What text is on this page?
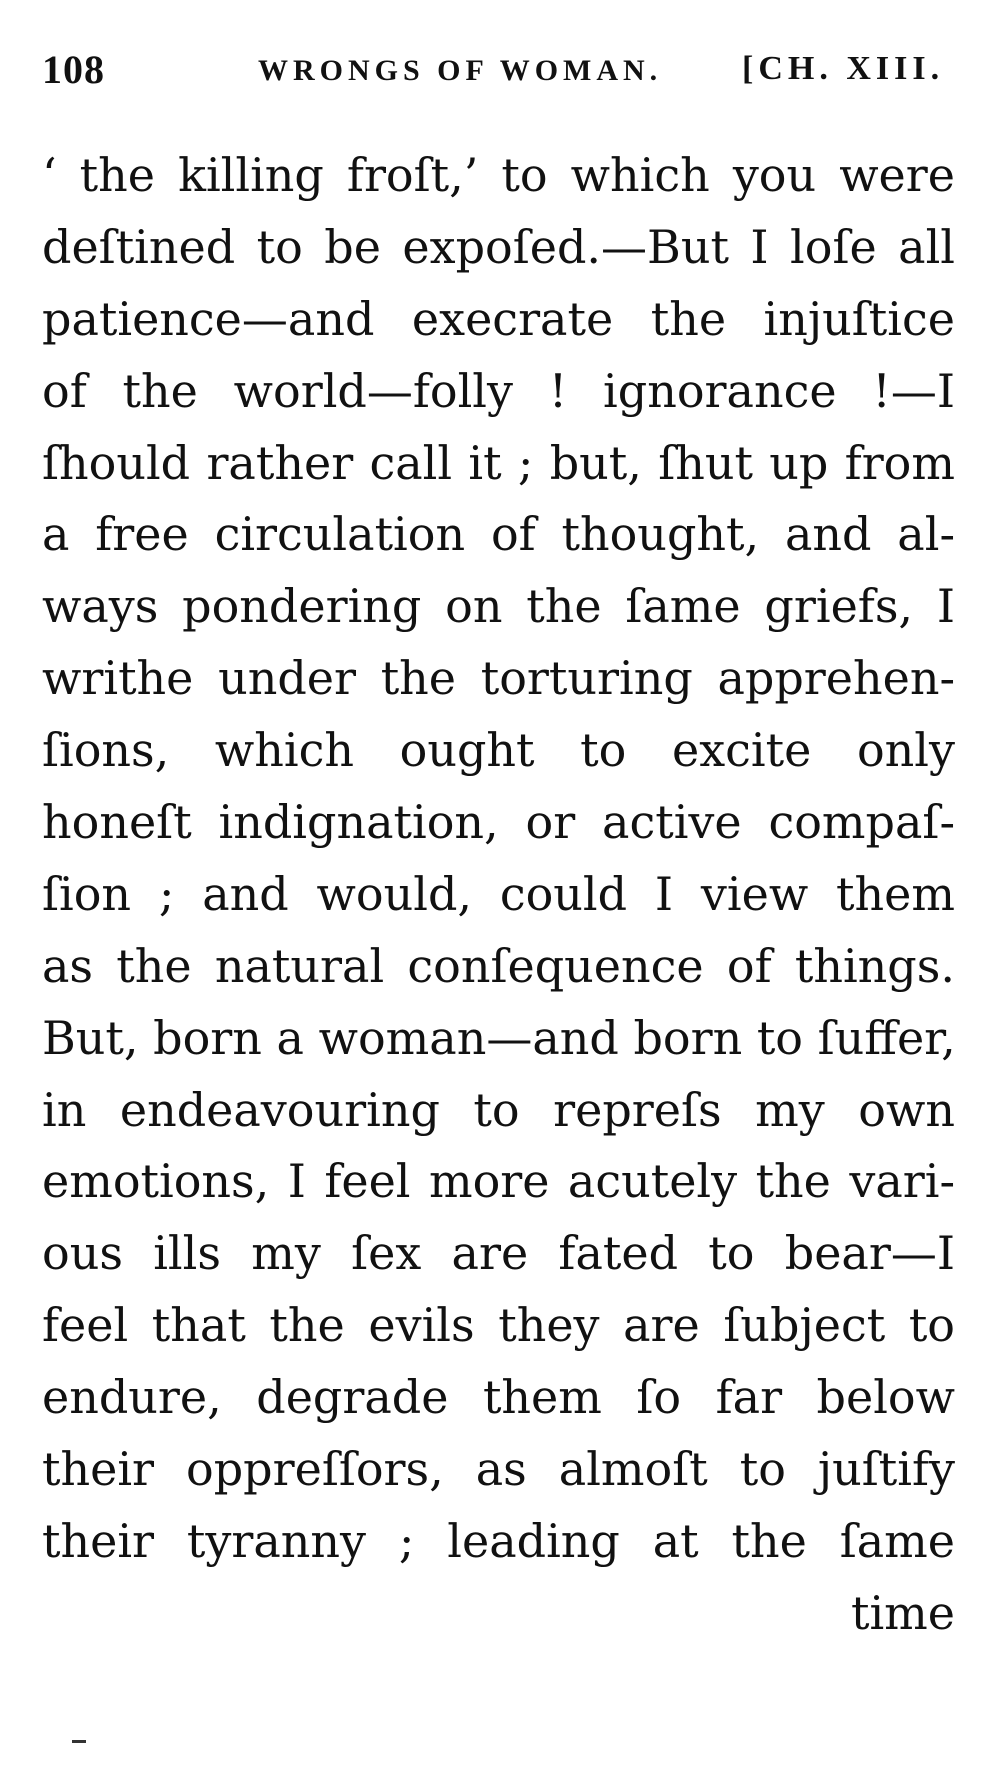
108	WRONGS OF WOMAN. [CH. XIII.
‘ the killing froſt,’ to which you were
deſtined to be expoſed.—But I loſe all
patience—and execrate the injuſtice
of the world—folly ! ignorance !—I
ſhould rather call it ; but, ſhut up from
a free circulation of thought, and al-
ways pondering on the ſame griefs, I
writhe under the torturing apprehen-
ſions, which ought to excite only
honeſt indignation, or active compaſ-
ſion ; and would, could I view them
as the natural conſequence of things.
But, born a woman—and born to ſuffer,
in endeavouring to repreſs my own
emotions, I feel more acutely the vari-
ous ills my ſex are fated to bear—I
feel that the evils they are ſubject to
endure, degrade them ſo far below
their oppreſſors, as almoſt to juſtify
their tyranny ; leading at the ſame
time
